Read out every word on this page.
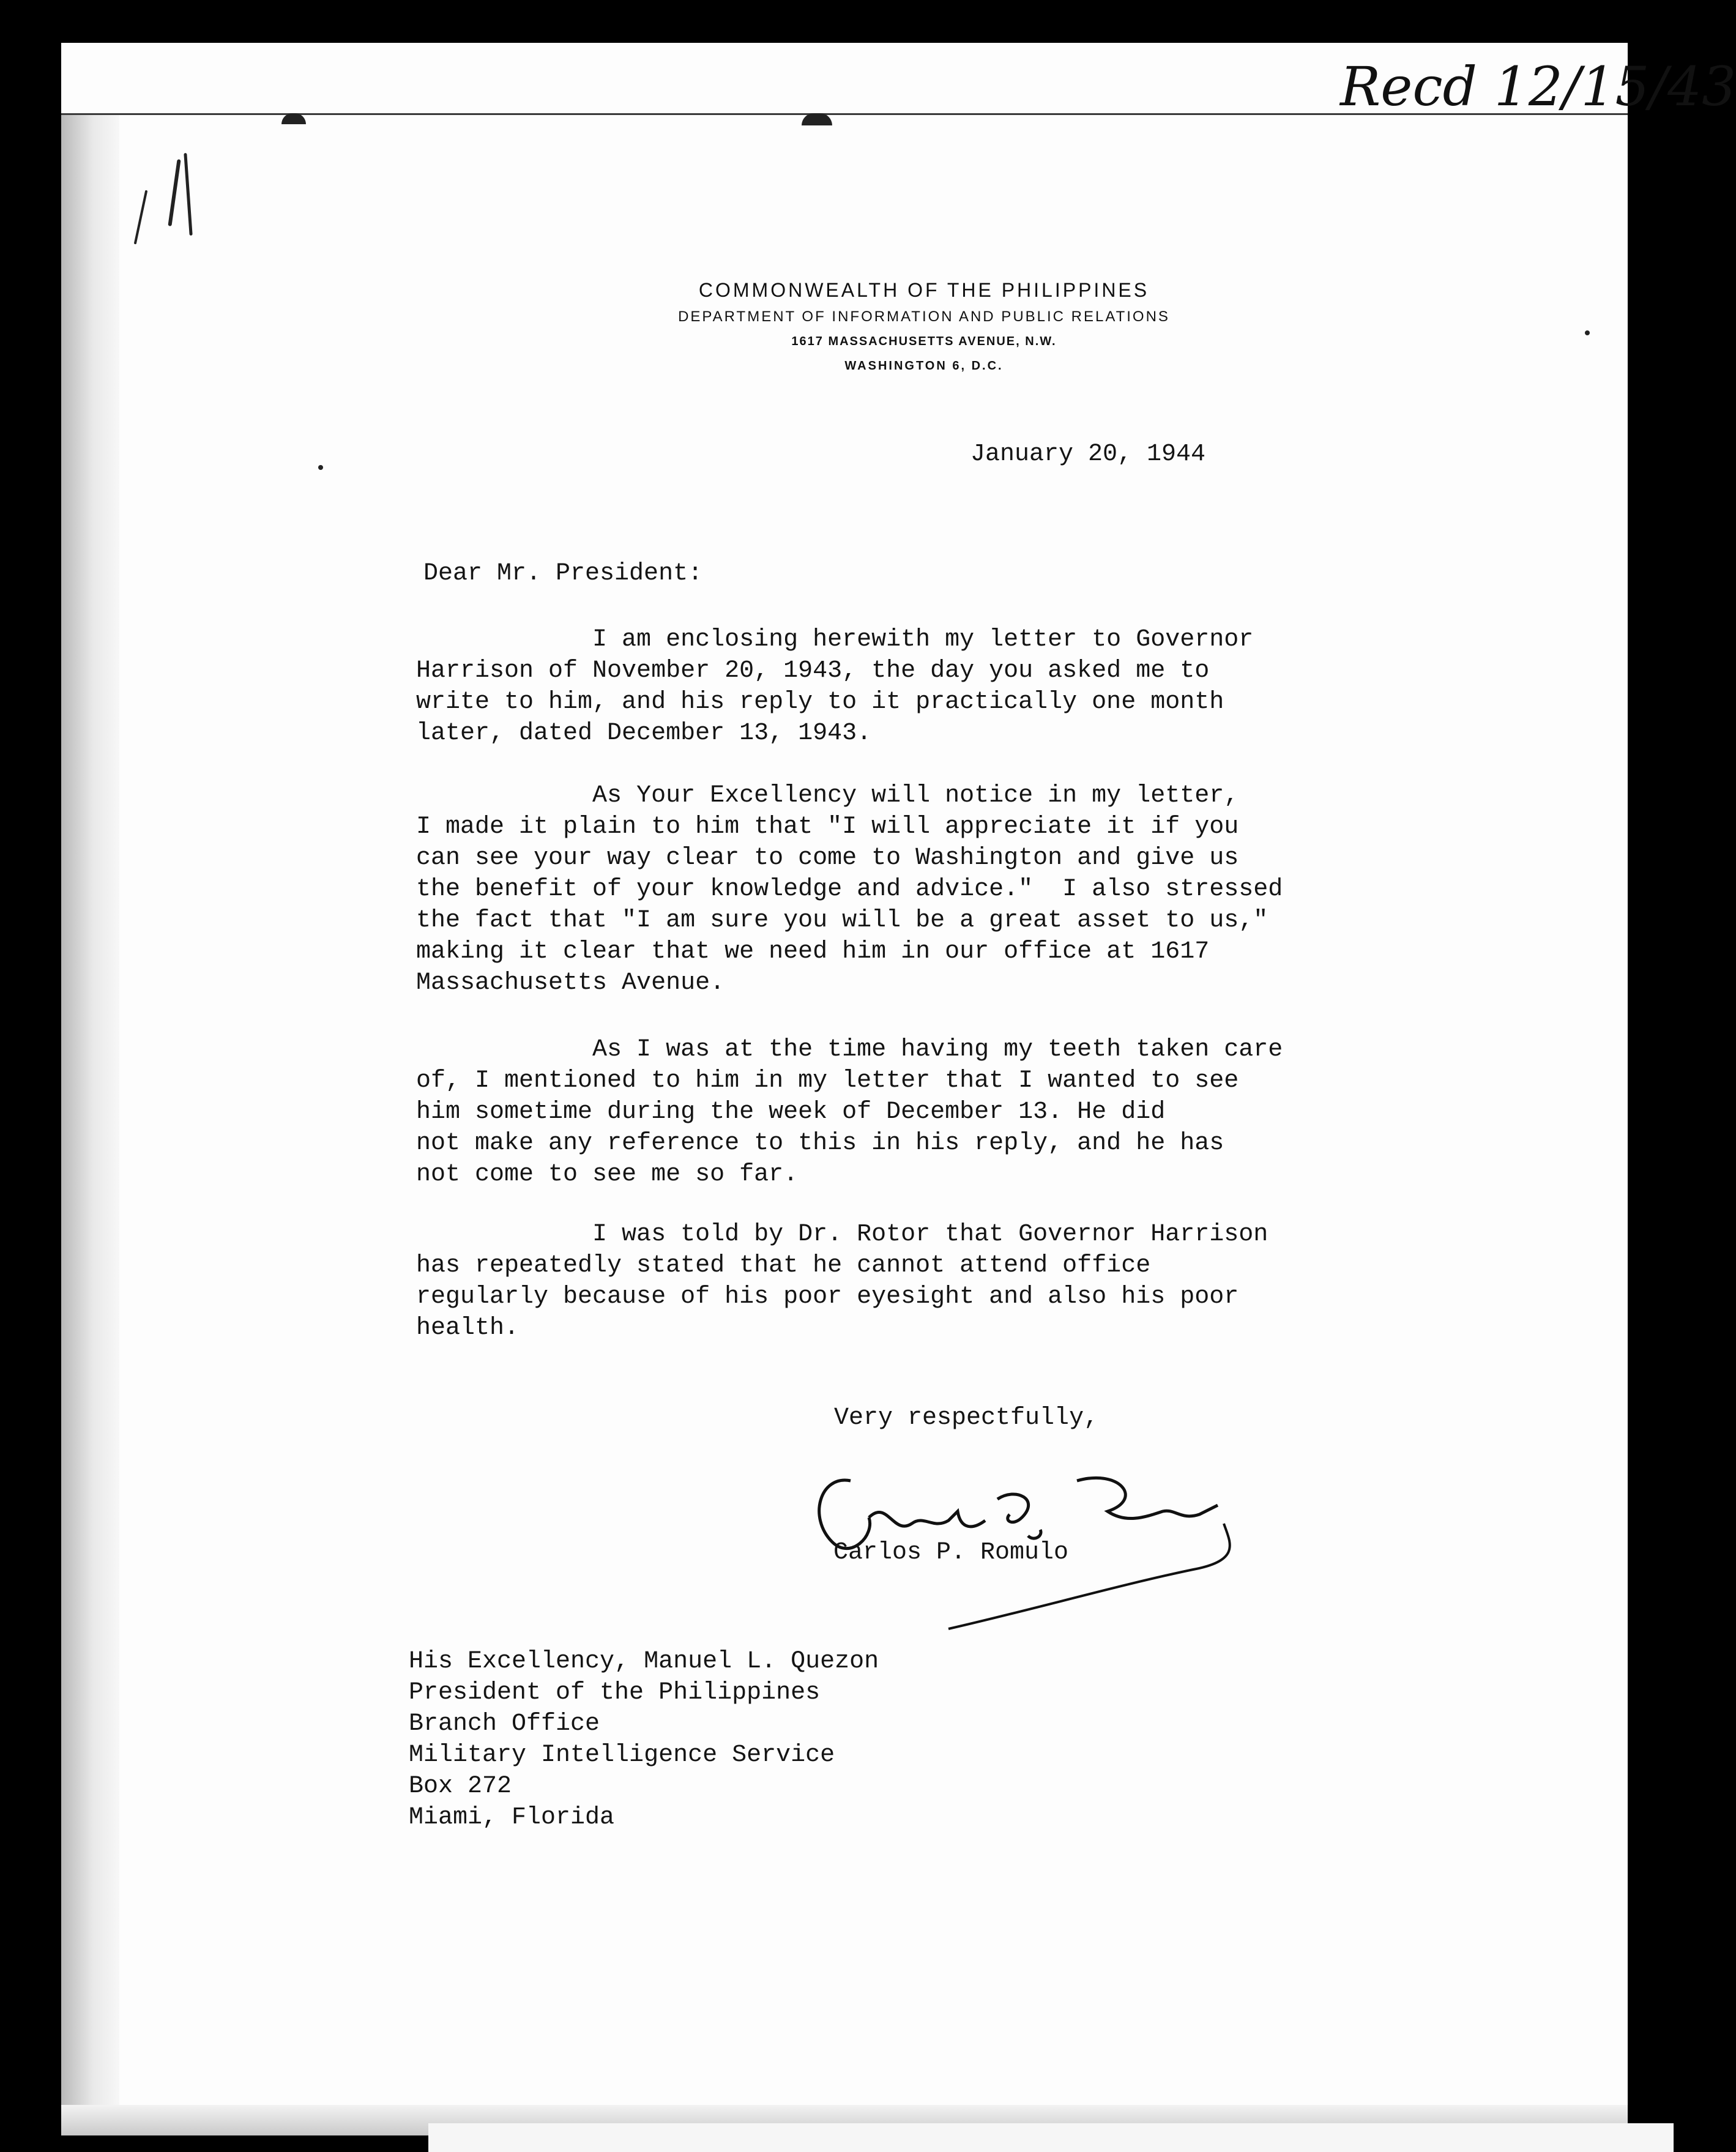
Recd 12/15/43
COMMONWEALTH OF THE PHILIPPINES
DEPARTMENT OF INFORMATION AND PUBLIC RELATIONS
1617 MASSACHUSETTS AVENUE, N.W.
WASHINGTON 6, D.C.

January 20, 1944

Dear Mr. President:

I am enclosing herewith my letter to Governor
Harrison of November 20, 1943, the day you asked me to
write to him, and his reply to it practically one month
later, dated December 13, 1943.

As Your Excellency will notice in my letter,
I made it plain to him that "I will appreciate it if you
can see your way clear to come to Washington and give us
the benefit of your knowledge and advice."  I also stressed
the fact that "I am sure you will be a great asset to us,"
making it clear that we need him in our office at 1617
Massachusetts Avenue.

As I was at the time having my teeth taken care
of, I mentioned to him in my letter that I wanted to see
him sometime during the week of December 13. He did
not make any reference to this in his reply, and he has
not come to see me so far.

I was told by Dr. Rotor that Governor Harrison
has repeatedly stated that he cannot attend office
regularly because of his poor eyesight and also his poor
health.

Very respectfully,

Carlos P. Romulo

His Excellency, Manuel L. Quezon
President of the Philippines
Branch Office
Military Intelligence Service
Box 272
Miami, Florida
